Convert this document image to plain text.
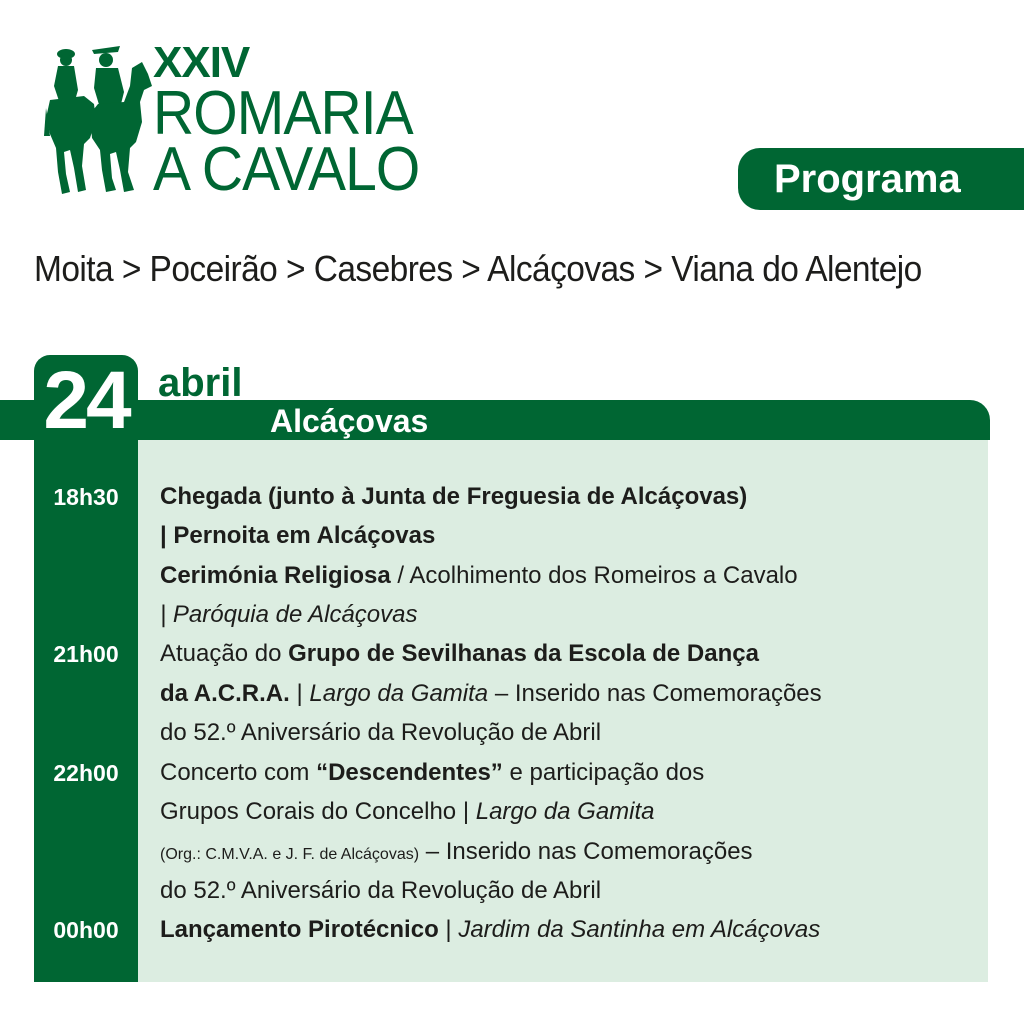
XXIV
ROMARIA
A CAVALO	Programa
Moita > Poceirão > Casebres > Alcáçovas > Viana do Alentejo
24 abril
Alcáçovas
18h30	Chegada (junto à Junta de Freguesia de Alcáçovas)
| Pernoita em Alcáçovas
Cerimónia Religiosa / Acolhimento dos Romeiros a Cavalo
| Paróquia de Alcáçovas
21h00	Atuação do Grupo de Sevilhanas da Escola de Dança
da A.C.R.A. | Largo da Gamita – Inserido nas Comemorações
do 52.º Aniversário da Revolução de Abril
22h00	Concerto com “Descendentes” e participação dos
Grupos Corais do Concelho | Largo da Gamita
(Org.: C.M.V.A. e J. F. de Alcáçovas) – Inserido nas Comemorações
do 52.º Aniversário da Revolução de Abril
00h00	Lançamento Pirotécnico | Jardim da Santinha em Alcáçovas
